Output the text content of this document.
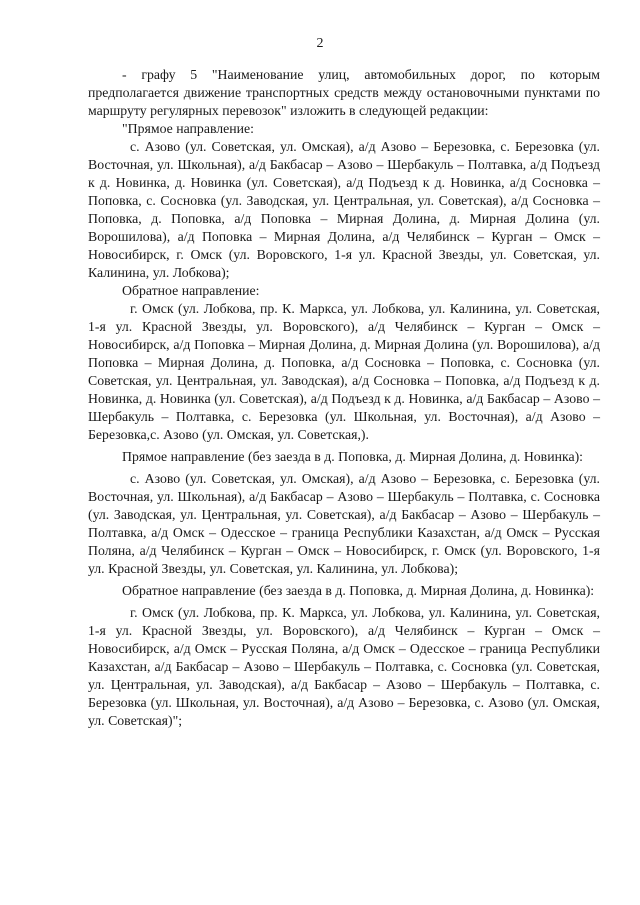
2

- графу 5 "Наименование улиц, автомобильных дорог, по которым предполагается движение транспортных средств между остановочными пунктами по маршруту регулярных перевозок" изложить в следующей редакции:

"Прямое направление:

с. Азово (ул. Советская, ул. Омская), а/д Азово – Березовка, с. Березовка (ул. Восточная, ул. Школьная), а/д Бакбасар – Азово – Шербакуль – Полтавка, а/д Подъезд к д. Новинка, д. Новинка (ул. Советская), а/д Подъезд к д. Новинка, а/д Сосновка – Поповка, с. Сосновка (ул. Заводская, ул. Центральная, ул. Советская), а/д Сосновка – Поповка, д. Поповка, а/д Поповка – Мирная Долина, д. Мирная Долина (ул. Ворошилова), а/д Поповка – Мирная Долина, а/д Челябинск – Курган – Омск – Новосибирск, г. Омск (ул. Воровского, 1-я ул. Красной Звезды, ул. Советская, ул. Калинина, ул. Лобкова);

Обратное направление:

г. Омск (ул. Лобкова, пр. К. Маркса, ул. Лобкова, ул. Калинина, ул. Советская, 1-я ул. Красной Звезды, ул. Воровского), а/д Челябинск – Курган – Омск – Новосибирск, а/д Поповка – Мирная Долина, д. Мирная Долина (ул. Ворошилова), а/д Поповка – Мирная Долина, д. Поповка, а/д Сосновка – Поповка, с. Сосновка (ул. Советская, ул. Центральная, ул. Заводская), а/д Сосновка – Поповка, а/д Подъезд к д. Новинка, д. Новинка (ул. Советская), а/д Подъезд к д. Новинка, а/д Бакбасар – Азово – Шербакуль – Полтавка, с. Березовка (ул. Школьная, ул. Восточная), а/д Азово – Березовка,с. Азово (ул. Омская, ул. Советская,).

Прямое направление (без заезда в д. Поповка, д. Мирная Долина, д. Новинка):

с. Азово (ул. Советская, ул. Омская), а/д Азово – Березовка, с. Березовка (ул. Восточная, ул. Школьная), а/д Бакбасар – Азово – Шербакуль – Полтавка, с. Сосновка (ул. Заводская, ул. Центральная, ул. Советская), а/д Бакбасар – Азово – Шербакуль – Полтавка, а/д Омск – Одесское – граница Республики Казахстан, а/д Омск – Русская Поляна, а/д Челябинск – Курган – Омск – Новосибирск, г. Омск (ул. Воровского, 1-я ул. Красной Звезды, ул. Советская, ул. Калинина, ул. Лобкова);

Обратное направление (без заезда в д. Поповка, д. Мирная Долина, д. Новинка):

г. Омск (ул. Лобкова, пр. К. Маркса, ул. Лобкова, ул. Калинина, ул. Советская, 1-я ул. Красной Звезды, ул. Воровского), а/д Челябинск – Курган – Омск – Новосибирск, а/д Омск – Русская Поляна, а/д Омск – Одесское – граница Республики Казахстан, а/д Бакбасар – Азово – Шербакуль – Полтавка, с. Сосновка (ул. Советская, ул. Центральная, ул. Заводская), а/д Бакбасар – Азово – Шербакуль – Полтавка, с. Березовка (ул. Школьная, ул. Восточная), а/д Азово – Березовка, с. Азово (ул. Омская, ул. Советская)";
